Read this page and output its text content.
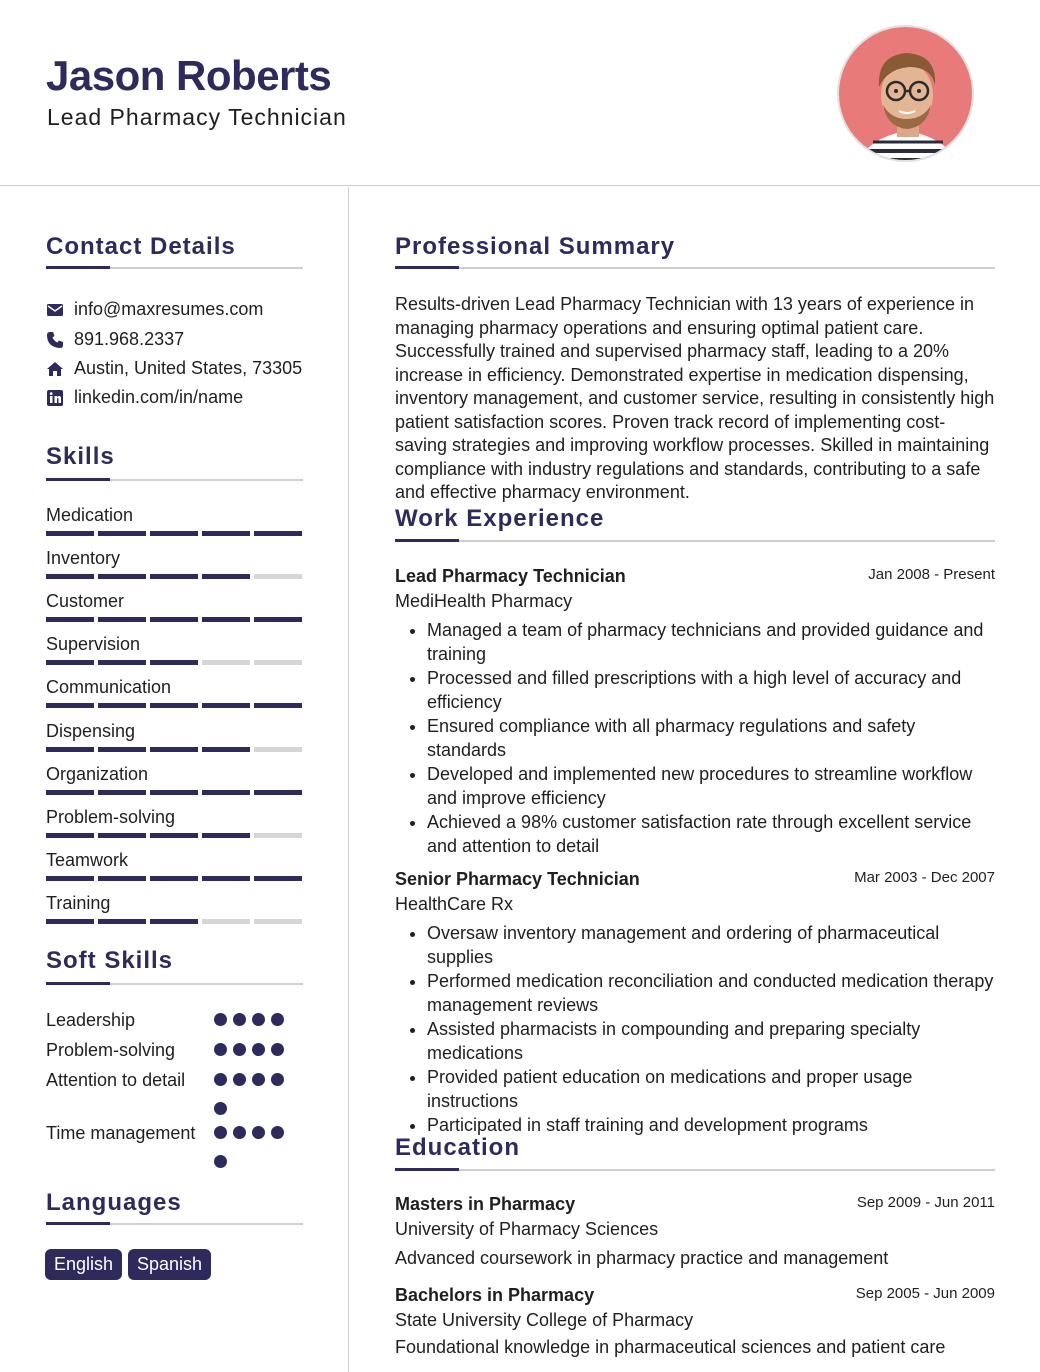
Jason Roberts
Lead Pharmacy Technician
Contact Details
info@maxresumes.com
891.968.2337
Austin, United States, 73305
linkedin.com/in/name
Skills
Medication
Inventory
Customer
Supervision
Communication
Dispensing
Organization
Problem-solving
Teamwork
Training
Soft Skills
Leadership
Problem-solving
Attention to detail
Time management
Languages
English	Spanish
Professional Summary
Results-driven Lead Pharmacy Technician with 13 years of experience in managing pharmacy operations and ensuring optimal patient care. Successfully trained and supervised pharmacy staff, leading to a 20% increase in efficiency. Demonstrated expertise in medication dispensing, inventory management, and customer service, resulting in consistently high patient satisfaction scores. Proven track record of implementing cost-saving strategies and improving workflow processes. Skilled in maintaining compliance with industry regulations and standards, contributing to a safe and effective pharmacy environment.
Work Experience
Lead Pharmacy Technician	Jan 2008 - Present
MediHealth Pharmacy
• Managed a team of pharmacy technicians and provided guidance and training
• Processed and filled prescriptions with a high level of accuracy and efficiency
• Ensured compliance with all pharmacy regulations and safety standards
• Developed and implemented new procedures to streamline workflow and improve efficiency
• Achieved a 98% customer satisfaction rate through excellent service and attention to detail
Senior Pharmacy Technician	Mar 2003 - Dec 2007
HealthCare Rx
• Oversaw inventory management and ordering of pharmaceutical supplies
• Performed medication reconciliation and conducted medication therapy management reviews
• Assisted pharmacists in compounding and preparing specialty medications
• Provided patient education on medications and proper usage instructions
• Participated in staff training and development programs
Education
Masters in Pharmacy	Sep 2009 - Jun 2011
University of Pharmacy Sciences
Advanced coursework in pharmacy practice and management
Bachelors in Pharmacy	Sep 2005 - Jun 2009
State University College of Pharmacy
Foundational knowledge in pharmaceutical sciences and patient care
